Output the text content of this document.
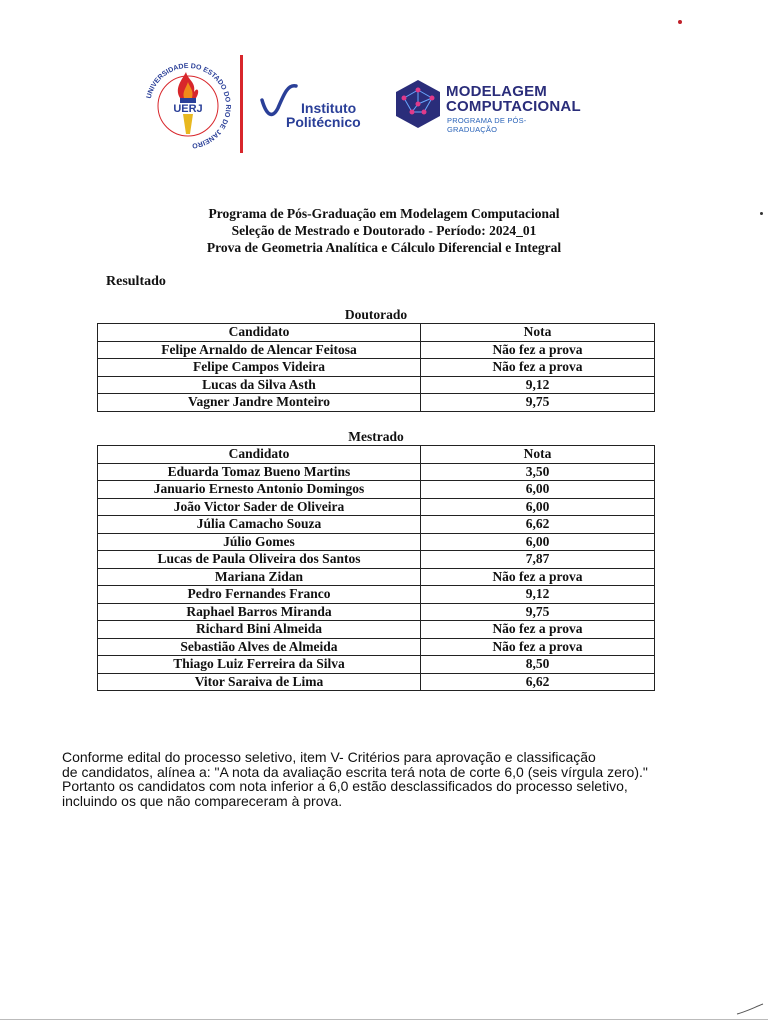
UNIVERSIDADE DO ESTADO DO RIO DE JANEIRO
UERJ	Instituto
Politécnico
MODELAGEM
COMPUTACIONAL
PROGRAMA DE PÓS-GRADUAÇÃO
Programa de Pós-Graduação em Modelagem Computacional
Seleção de Mestrado e Doutorado - Período: 2024_01
Prova de Geometria Analítica e Cálculo Diferencial e Integral
Resultado
Doutorado
Candidato	Nota
Felipe Arnaldo de Alencar Feitosa	Não fez a prova
Felipe Campos Videira	Não fez a prova
Lucas da Silva Asth	9,12
Vagner Jandre Monteiro	9,75
Mestrado
Candidato	Nota
Eduarda Tomaz Bueno Martins	3,50
Januario Ernesto Antonio Domingos	6,00
João Victor Sader de Oliveira	6,00
Júlia Camacho Souza	6,62
Júlio Gomes	6,00
Lucas de Paula Oliveira dos Santos	7,87
Mariana Zidan	Não fez a prova
Pedro Fernandes Franco	9,12
Raphael Barros Miranda	9,75
Richard Bini Almeida	Não fez a prova
Sebastião Alves de Almeida	Não fez a prova
Thiago Luiz Ferreira da Silva	8,50
Vitor Saraiva de Lima	6,62
Conforme edital do processo seletivo, item V- Critérios para aprovação e classificação
de candidatos, alínea a: "A nota da avaliação escrita terá nota de corte 6,0 (seis vírgula zero)."
Portanto os candidatos com nota inferior a 6,0 estão desclassificados do processo seletivo,
incluindo os que não compareceram à prova.
